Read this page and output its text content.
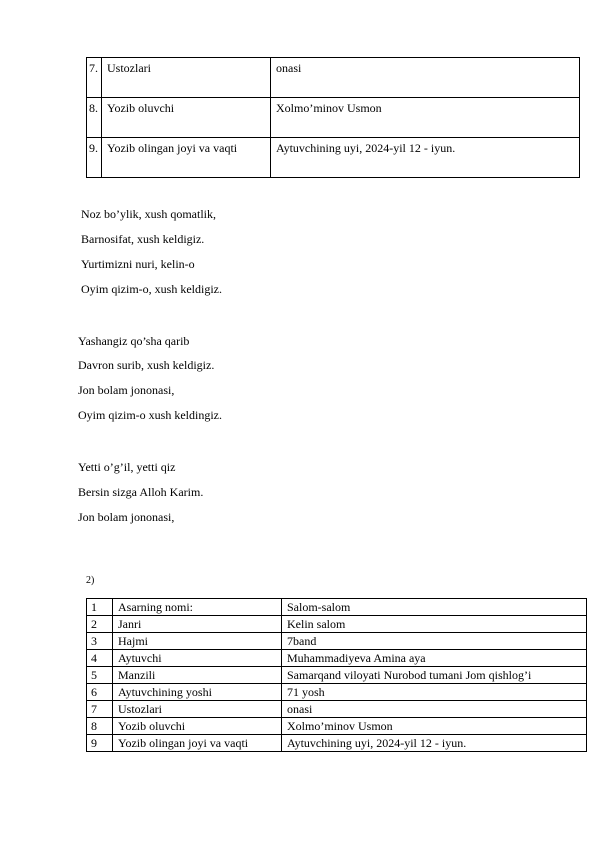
7.	Ustozlari	onasi
8.	Yozib oluvchi	Xolmo’minov Usmon
9.	Yozib olingan joyi va vaqti	Aytuvchining uyi, 2024-yil 12 - iyun.
Noz bo’ylik, xush qomatlik,
Barnosifat, xush keldigiz.
Yurtimizni nuri, kelin-o
Oyim qizim-o, xush keldigiz.
Yashangiz qo’sha qarib
Davron surib, xush keldigiz.
Jon bolam jononasi,
Oyim qizim-o xush keldingiz.
Yetti o’g’il, yetti qiz
Bersin sizga Alloh Karim.
Jon bolam jononasi,
2)
1	Asarning nomi:	Salom-salom
2	Janri	Kelin salom
3	Hajmi	7band
4	Aytuvchi	Muhammadiyeva Amina aya
5	Manzili	Samarqand viloyati Nurobod tumani Jom qishlog’i
6	Aytuvchining yoshi	71 yosh
7	Ustozlari	onasi
8	Yozib oluvchi	Xolmo’minov Usmon
9	Yozib olingan joyi va vaqti	Aytuvchining uyi, 2024-yil 12 - iyun.
